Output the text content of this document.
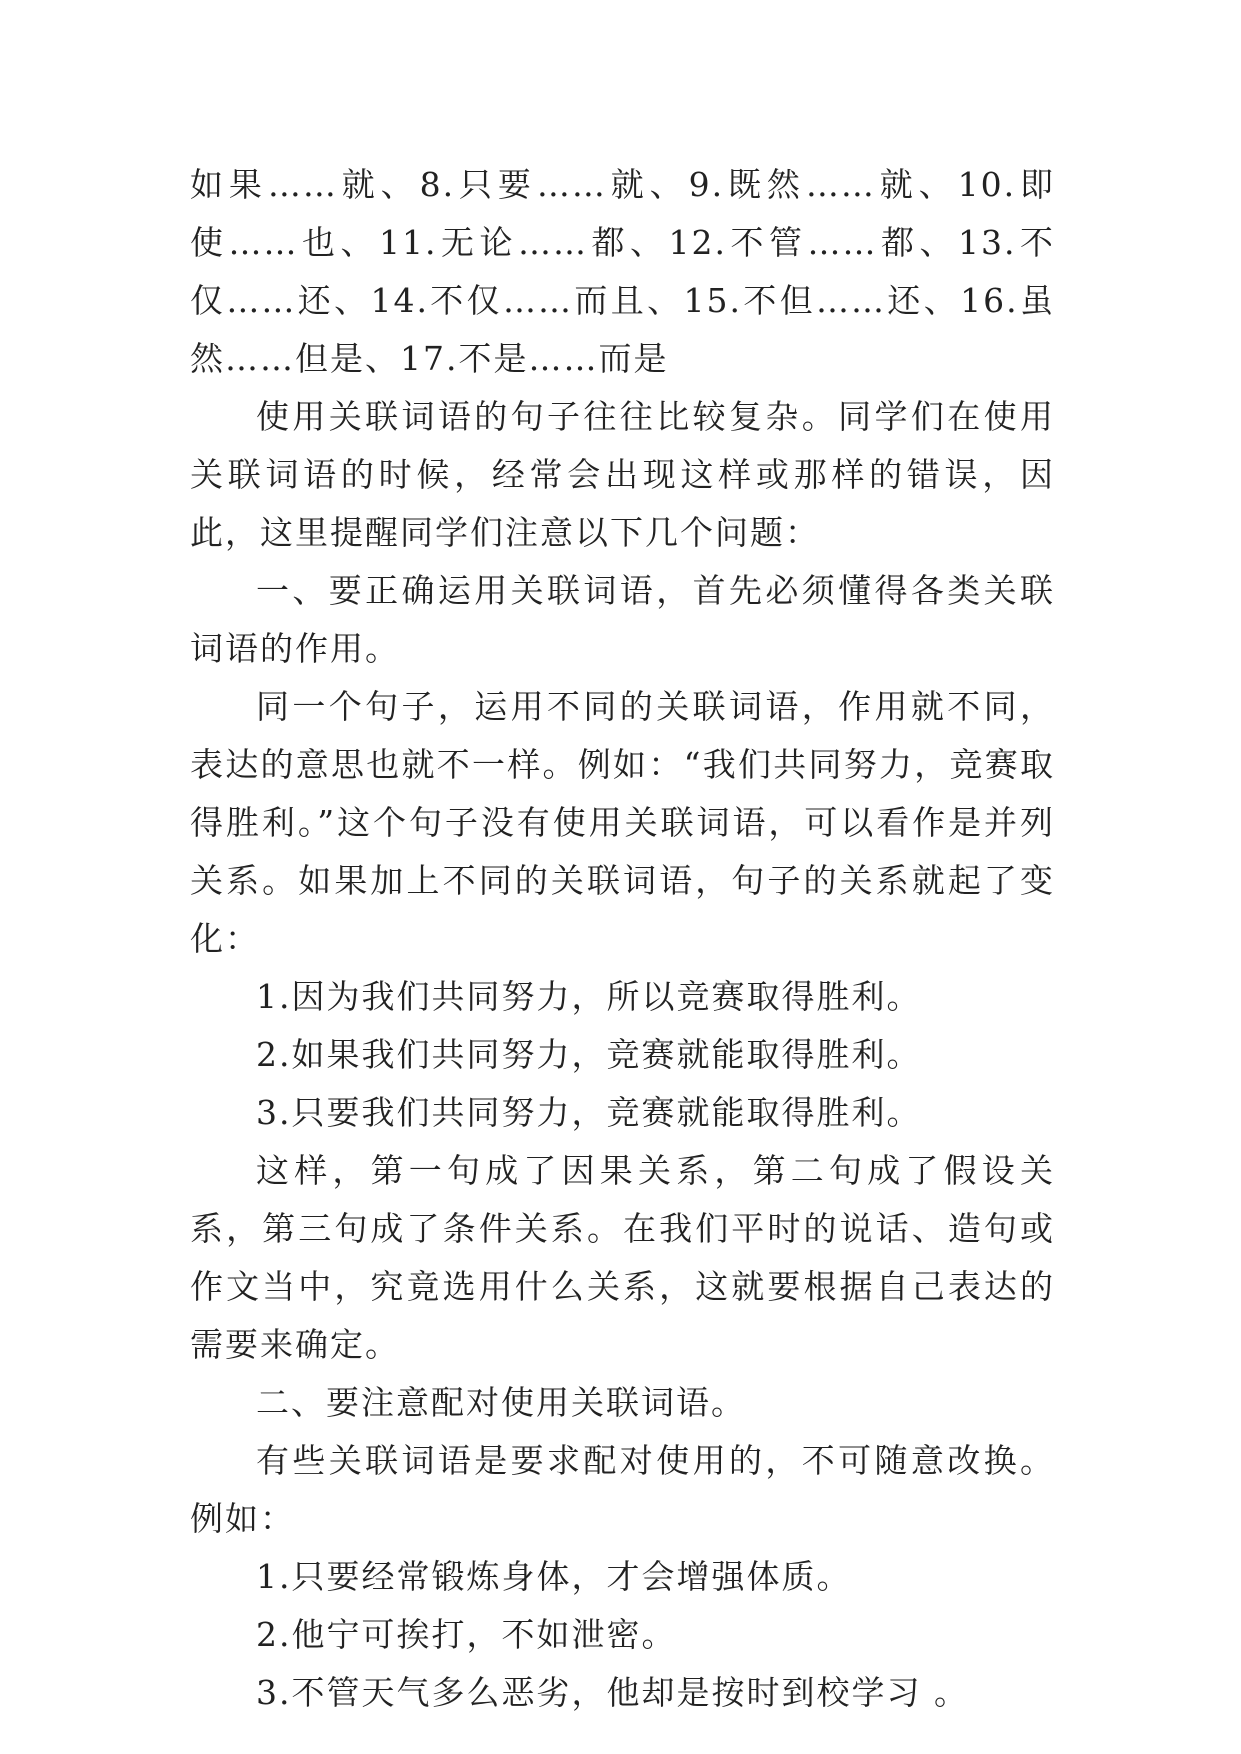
如果……就、8.只要……就、9.既然……就、10.即使……也、11.无论……都、12.不管……都、13.不仅……还、14.不仅……而且、15.不但……还、16.虽然……但是、17.不是……而是

使用关联词语的句子往往比较复杂。同学们在使用关联词语的时候，经常会出现这样或那样的错误，因此，这里提醒同学们注意以下几个问题：

一、要正确运用关联词语，首先必须懂得各类关联词语的作用。

同一个句子，运用不同的关联词语，作用就不同，表达的意思也就不一样。例如：“我们共同努力，竞赛取得胜利。”这个句子没有使用关联词语，可以看作是并列关系。如果加上不同的关联词语，句子的关系就起了变化：

1.因为我们共同努力，所以竞赛取得胜利。

2.如果我们共同努力，竞赛就能取得胜利。

3.只要我们共同努力，竞赛就能取得胜利。

这样，第一句成了因果关系，第二句成了假设关系，第三句成了条件关系。在我们平时的说话、造句或作文当中，究竟选用什么关系，这就要根据自己表达的需要来确定。

二、要注意配对使用关联词语。

有些关联词语是要求配对使用的，不可随意改换。例如：

1.只要经常锻炼身体，才会增强体质。

2.他宁可挨打，不如泄密。

3.不管天气多么恶劣，他却是按时到校学习 。
